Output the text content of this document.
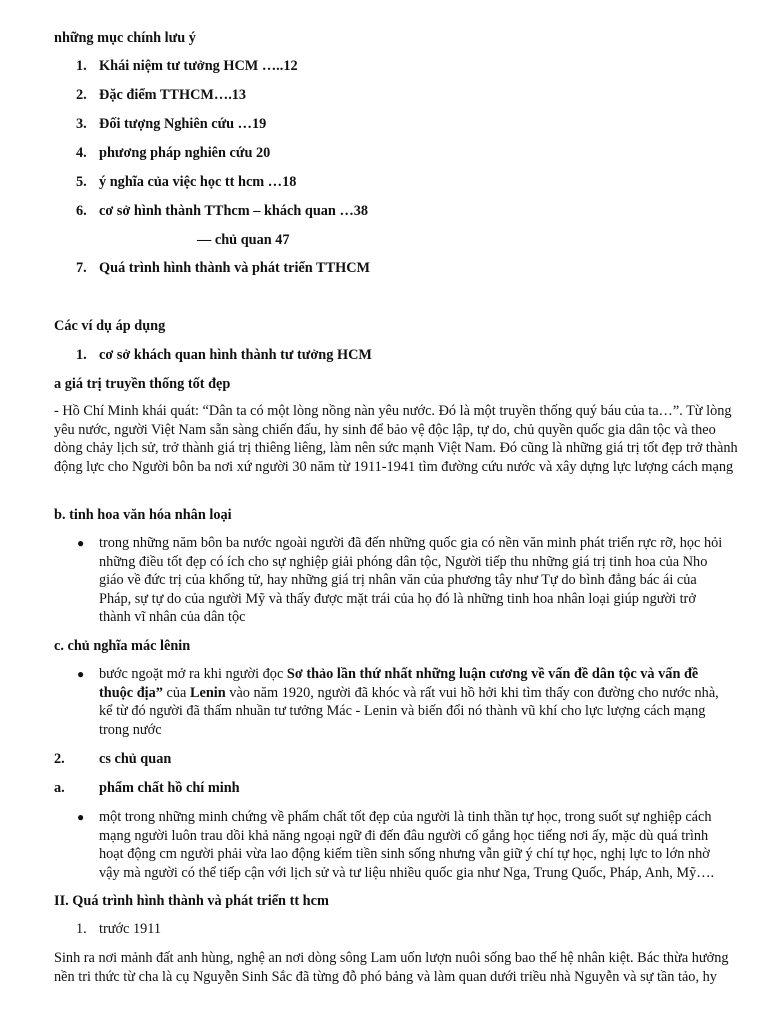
những mục chính lưu ý
1. Khái niệm tư tưởng HCM …..12
2. Đặc điểm TTHCM….13
3. Đối tượng Nghiên cứu …19
4. phương pháp nghiên cứu 20
5. ý nghĩa của việc học tt hcm …18
6. cơ sở hình thành TThcm – khách quan …38
— chủ quan 47
7. Quá trình hình thành và phát triển TTHCM
Các ví dụ áp dụng
1. cơ sở khách quan hình thành tư tưởng HCM
a giá trị truyền thống tốt đẹp
- Hồ Chí Minh khái quát: “Dân ta có một lòng nồng nàn yêu nước. Đó là một truyền thống quý báu của ta…”. Từ lòng yêu nước, người Việt Nam sẵn sàng chiến đấu, hy sinh để bảo vệ độc lập, tự do, chủ quyền quốc gia dân tộc và theo dòng chảy lịch sử, trở thành giá trị thiêng liêng, làm nên sức mạnh Việt Nam. Đó cũng là những giá trị tốt đẹp trở thành động lực cho Người bôn ba nơi xứ người 30 năm từ 1911-1941 tìm đường cứu nước và xây dựng lực lượng cách mạng
b. tinh hoa văn hóa nhân loại
● trong những năm bôn ba nước ngoài người đã đến những quốc gia có nền văn minh phát triển rực rỡ, học hỏi những điều tốt đẹp có ích cho sự nghiệp giải phóng dân tộc, Người tiếp thu những giá trị tinh hoa của Nho giáo về đức trị của khổng tử, hay những giá trị nhân văn của phương tây như Tự do bình đẳng bác ái của Pháp, sự tự do của người Mỹ và thấy được mặt trái của họ đó là những tinh hoa nhân loại giúp người trở thành vĩ nhân của dân tộc
c. chủ nghĩa mác lênin
● bước ngoặt mở ra khi người đọc Sơ thảo lần thứ nhất những luận cương về vấn đề dân tộc và vấn đề thuộc địa” của Lenin vào năm 1920, người đã khóc và rất vui hồ hởi khi tìm thấy con đường cho nước nhà, kể từ đó người đã thấm nhuần tư tưởng Mác - Lenin và biến đổi nó thành vũ khí cho lực lượng cách mạng trong nước
2. cs chủ quan
a. phẩm chất hồ chí minh
● một trong những minh chứng về phẩm chất tốt đẹp của người là tinh thần tự học, trong suốt sự nghiệp cách mạng người luôn trau dồi khả năng ngoại ngữ đi đến đâu người cố gắng học tiếng nơi ấy, mặc dù quá trình hoạt động cm người phải vừa lao động kiếm tiền sinh sống nhưng vẫn giữ ý chí tự học, nghị lực to lớn nhờ vậy mà người có thể tiếp cận với lịch sử và tư liệu nhiều quốc gia như Nga, Trung Quốc, Pháp, Anh, Mỹ….
II. Quá trình hình thành và phát triển tt hcm
1. trước 1911
Sinh ra nơi mảnh đất anh hùng, nghệ an nơi dòng sông Lam uốn lượn nuôi sống bao thế hệ nhân kiệt. Bác thừa hưởng nền tri thức từ cha là cụ Nguyễn Sinh Sắc đã từng đỗ phó bảng và làm quan dưới triều nhà Nguyễn và sự tần tảo, hy
